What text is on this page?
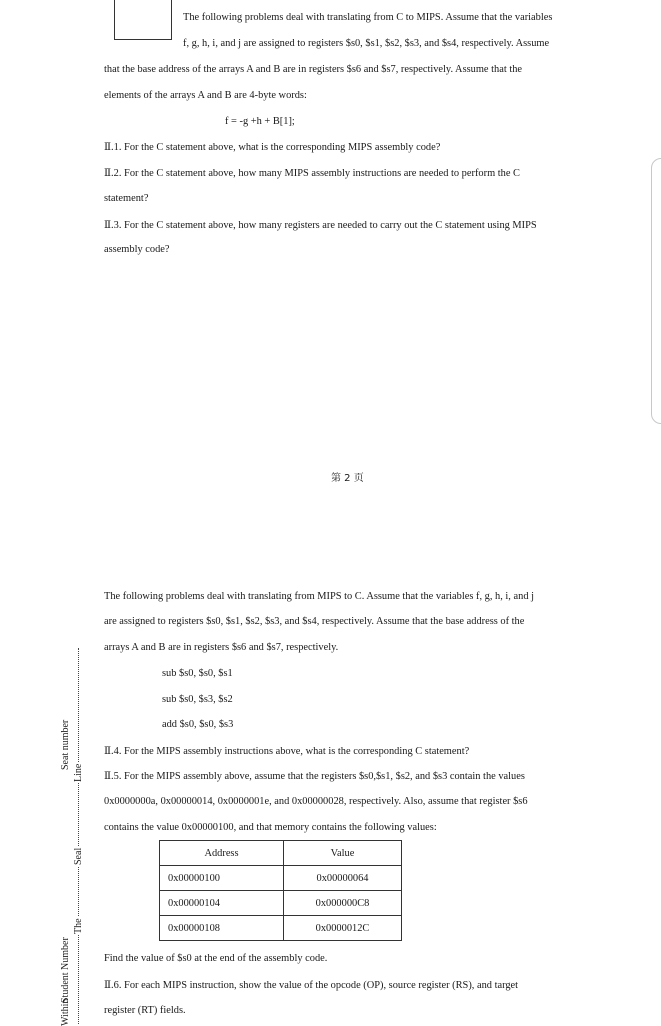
The following problems deal with translating from C to MIPS. Assume that the variables
f, g, h, i, and j are assigned to registers $s0, $s1, $s2, $s3, and $s4, respectively. Assume
that the base address of the arrays A and B are in registers $s6 and $s7, respectively. Assume that the
elements of the arrays A and B are 4-byte words:
f = -g +h + B[1];
Ⅱ.1. For the C statement above, what is the corresponding MIPS assembly code?
Ⅱ.2. For the C statement above, how many MIPS assembly instructions are needed to perform the C
statement?
Ⅱ.3. For the C statement above, how many registers are needed to carry out the C statement using MIPS
assembly code?
第 2 页
The following problems deal with translating from MIPS to C. Assume that the variables f, g, h, i, and j
are assigned to registers $s0, $s1, $s2, $s3, and $s4, respectively. Assume that the base address of the
arrays A and B are in registers $s6 and $s7, respectively.
sub $s0, $s0, $s1
sub $s0, $s3, $s2
add $s0, $s0, $s3
Ⅱ.4. For the MIPS assembly instructions above, what is the corresponding C statement?
Ⅱ.5. For the MIPS assembly above, assume that the registers $s0,$s1, $s2, and $s3 contain the values
0x0000000a, 0x00000014, 0x0000001e, and 0x00000028, respectively. Also, assume that register $s6
contains the value 0x00000100, and that memory contains the following values:
Address	Value
0x00000100	0x00000064
0x00000104	0x000000C8
0x00000108	0x0000012C
Find the value of $s0 at the end of the assembly code.
Ⅱ.6. For each MIPS instruction, show the value of the opcode (OP), source register (RS), and target
register (RT) fields.
Seat number
Student Number
Within
Line
Seal
The
